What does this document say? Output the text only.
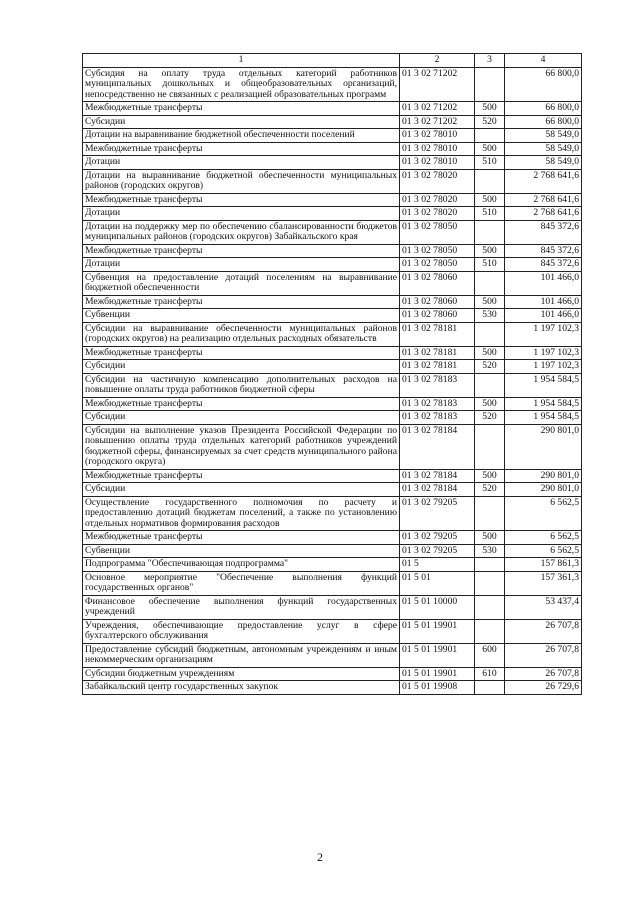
1	2	3	4
Субсидия на оплату труда отдельных категорий работников муниципальных дошкольных и общеобразовательных организаций, непосредственно не связанных с реализацией образовательных программ	01 3 02 71202		66 800,0
Межбюджетные трансферты	01 3 02 71202	500	66 800,0
Субсидии	01 3 02 71202	520	66 800,0
Дотации на выравнивание бюджетной обеспеченности поселений	01 3 02 78010		58 549,0
Межбюджетные трансферты	01 3 02 78010	500	58 549,0
Дотации	01 3 02 78010	510	58 549,0
Дотации на выравнивание бюджетной обеспеченности муниципальных районов (городских округов)	01 3 02 78020		2 768 641,6
Межбюджетные трансферты	01 3 02 78020	500	2 768 641,6
Дотации	01 3 02 78020	510	2 768 641,6
Дотации на поддержку мер по обеспечению сбалансированности бюджетов муниципальных районов (городских округов) Забайкальского края	01 3 02 78050		845 372,6
Межбюджетные трансферты	01 3 02 78050	500	845 372,6
Дотации	01 3 02 78050	510	845 372,6
Субвенция на предоставление дотаций поселениям на выравнивание бюджетной обеспеченности	01 3 02 78060		101 466,0
Межбюджетные трансферты	01 3 02 78060	500	101 466,0
Субвенции	01 3 02 78060	530	101 466,0
Субсидии на выравнивание обеспеченности муниципальных районов (городских округов) на реализацию отдельных расходных обязательств	01 3 02 78181		1 197 102,3
Межбюджетные трансферты	01 3 02 78181	500	1 197 102,3
Субсидии	01 3 02 78181	520	1 197 102,3
Субсидии на частичную компенсацию дополнительных расходов на повышение оплаты труда работников бюджетной сферы	01 3 02 78183		1 954 584,5
Межбюджетные трансферты	01 3 02 78183	500	1 954 584,5
Субсидии	01 3 02 78183	520	1 954 584,5
Субсидии на выполнение указов Президента Российской Федерации по повышению оплаты труда отдельных категорий работников учреждений бюджетной сферы, финансируемых за счет средств муниципального района (городского округа)	01 3 02 78184		290 801,0
Межбюджетные трансферты	01 3 02 78184	500	290 801,0
Субсидии	01 3 02 78184	520	290 801,0
Осуществление государственного полномочия по расчету и предоставлению дотаций бюджетам поселений, а также по установлению отдельных нормативов формирования расходов	01 3 02 79205		6 562,5
Межбюджетные трансферты	01 3 02 79205	500	6 562,5
Субвенции	01 3 02 79205	530	6 562,5
Подпрограмма "Обеспечивающая подпрограмма"	01 5		157 861,3
Основное мероприятие "Обеспечение выполнения функций государственных органов"	01 5 01		157 361,3
Финансовое обеспечение выполнения функций государственных учреждений	01 5 01 10000		53 437,4
Учреждения, обеспечивающие предоставление услуг в сфере бухгалтерского обслуживания	01 5 01 19901		26 707,8
Предоставление субсидий бюджетным, автономным учреждениям и иным некоммерческим организациям	01 5 01 19901	600	26 707,8
Субсидии бюджетным учреждениям	01 5 01 19901	610	26 707,8
Забайкальский центр государственных закупок	01 5 01 19908		26 729,6
2
